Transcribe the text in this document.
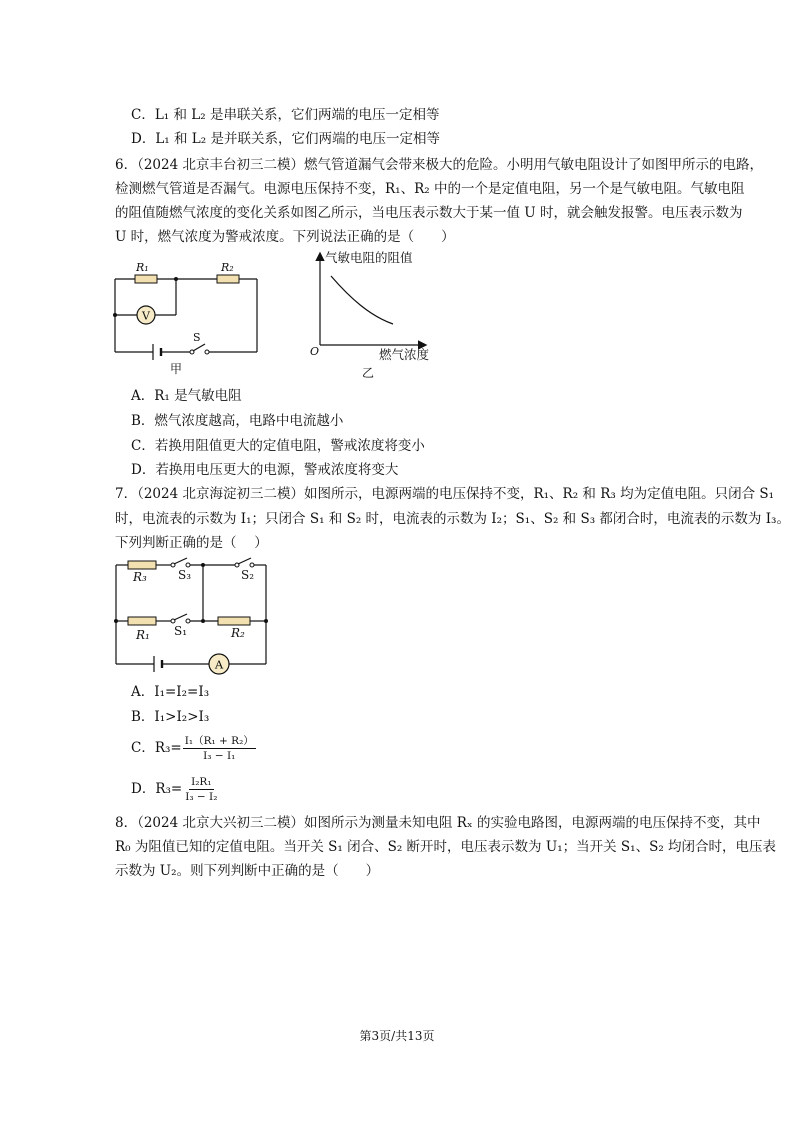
C．L₁ 和 L₂ 是串联关系，它们两端的电压一定相等
D．L₁ 和 L₂ 是并联关系，它们两端的电压一定相等
6．（2024 北京丰台初三二模）燃气管道漏气会带来极大的危险。小明用气敏电阻设计了如图甲所示的电路，
检测燃气管道是否漏气。电源电压保持不变，R₁、R₂ 中的一个是定值电阻，另一个是气敏电阻。气敏电阻
的阻值随燃气浓度的变化关系如图乙所示，当电压表示数大于某一值 U 时，就会触发报警。电压表示数为
U 时，燃气浓度为警戒浓度。下列说法正确的是（　　）
V
R₁	R₂
S
甲
气敏电阻的阻值
燃气浓度
O
乙
A．R₁ 是气敏电阻
B．燃气浓度越高，电路中电流越小
C．若换用阻值更大的定值电阻，警戒浓度将变小
D．若换用电压更大的电源，警戒浓度将变大
7．（2024 北京海淀初三二模）如图所示，电源两端的电压保持不变，R₁、R₂ 和 R₃ 均为定值电阻。只闭合 S₁
时，电流表的示数为 I₁；只闭合 S₁ 和 S₂ 时，电流表的示数为 I₂；S₁、S₂ 和 S₃ 都闭合时，电流表的示数为 I₃。
下列判断正确的是（　 ）
A
R₃	S₃	S₂
R₁ S₁	R₂
A．I₁=I₂=I₃
B．I₁>I₂>I₃
C．$R_3= \frac{\text{I₁（R₁ + R₂）}}{\text{I₃ − I₁}}$
D．$R_3= \frac{\text{I₂R₁}}{\text{I₃ − I₂}}$
8．（2024 北京大兴初三二模）如图所示为测量未知电阻 Rₓ 的实验电路图，电源两端的电压保持不变，其中
R₀ 为阻值已知的定值电阻。当开关 S₁ 闭合、S₂ 断开时，电压表示数为 U₁；当开关 S₁、S₂ 均闭合时，电压表
示数为 U₂。则下列判断中正确的是（　　）
第3页/共13页
